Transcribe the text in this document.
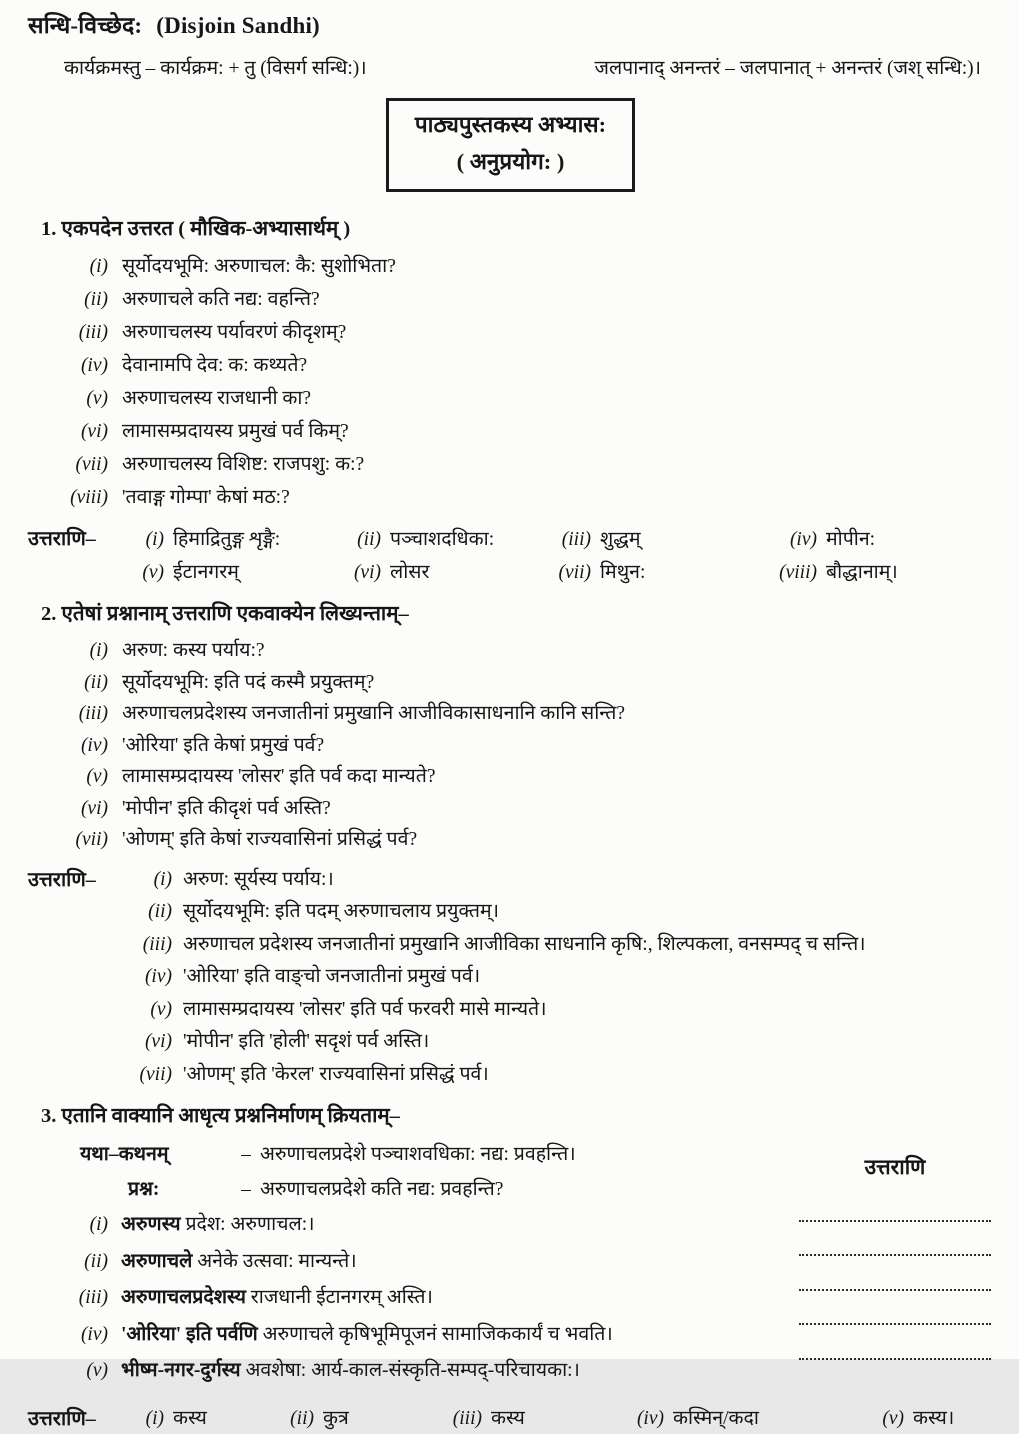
सन्धि-विच्छेद: (Disjoin Sandhi)
कार्यक्रमस्तु – कार्यक्रम: + तु (विसर्ग सन्धि:)।	जलपानाद् अनन्तरं – जलपानात् + अनन्तरं (जश् सन्धि:)।
पाठ्यपुस्तकस्य अभ्यास:
( अनुप्रयोग: )
1. एकपदेन उत्तरत ( मौखिक-अभ्यासार्थम् )
(i) सूर्योदयभूमि: अरुणाचल: कै: सुशोभिता?
(ii) अरुणाचले कति नद्य: वहन्ति?
(iii) अरुणाचलस्य पर्यावरणं कीदृशम्?
(iv) देवानामपि देव: क: कथ्यते?
(v) अरुणाचलस्य राजधानी का?
(vi) लामासम्प्रदायस्य प्रमुखं पर्व किम्?
(vii) अरुणाचलस्य विशिष्ट: राजपशु: क:?
(viii) 'तवाङ्ग गोम्पा' केषां मठ:?
उत्तराणि–	(i) हिमाद्रितुङ्ग शृङ्गै:	(ii) पञ्चाशदधिका:	(iii) शुद्धम्	(iv) मोपीन:
(v) ईटानगरम्	(vi) लोसर	(vii) मिथुन:	(viii) बौद्धानाम्।
2. एतेषां प्रश्नानाम् उत्तराणि एकवाक्येन लिख्यन्ताम्–
(i) अरुण: कस्य पर्याय:?
(ii) सूर्योदयभूमि: इति पदं कस्मै प्रयुक्तम्?
(iii) अरुणाचलप्रदेशस्य जनजातीनां प्रमुखानि आजीविकासाधनानि कानि सन्ति?
(iv) 'ओरिया' इति केषां प्रमुखं पर्व?
(v) लामासम्प्रदायस्य 'लोसर' इति पर्व कदा मान्यते?
(vi) 'मोपीन' इति कीदृशं पर्व अस्ति?
(vii) 'ओणम्' इति केषां राज्यवासिनां प्रसिद्धं पर्व?
उत्तराणि–	(i) अरुण: सूर्यस्य पर्याय:।
(ii) सूर्योदयभूमि: इति पदम् अरुणाचलाय प्रयुक्तम्।
(iii) अरुणाचल प्रदेशस्य जनजातीनां प्रमुखानि आजीविका साधनानि कृषि:, शिल्पकला, वनसम्पद् च सन्ति।
(iv) 'ओरिया' इति वाङ्चो जनजातीनां प्रमुखं पर्व।
(v) लामासम्प्रदायस्य 'लोसर' इति पर्व फरवरी मासे मान्यते।
(vi) 'मोपीन' इति 'होली' सदृशं पर्व अस्ति।
(vii) 'ओणम्' इति 'केरल' राज्यवासिनां प्रसिद्धं पर्व।
3. एतानि वाक्यानि आधृत्य प्रश्ननिर्माणम् क्रियताम्–
यथा–कथनम्	– अरुणाचलप्रदेशे पञ्चाशवधिका: नद्य: प्रवहन्ति।
प्रश्न:	– अरुणाचलप्रदेशे कति नद्य: प्रवहन्ति?
(i) अरुणस्य प्रदेश: अरुणाचल:।
(ii) अरुणाचले अनेके उत्सवा: मान्यन्ते।
(iii) अरुणाचलप्रदेशस्य राजधानी ईटानगरम् अस्ति।
(iv) 'ओरिया' इति पर्वणि अरुणाचले कृषिभूमिपूजनं सामाजिककार्यं च भवति।
(v) भीष्म-नगर-दुर्गस्य अवशेषा: आर्य-काल-संस्कृति-सम्पद्-परिचायका:।
उत्तराणि
उत्तराणि–	(i) कस्य	(ii) कुत्र	(iii) कस्य	(iv) कस्मिन्/कदा	(v) कस्य।
